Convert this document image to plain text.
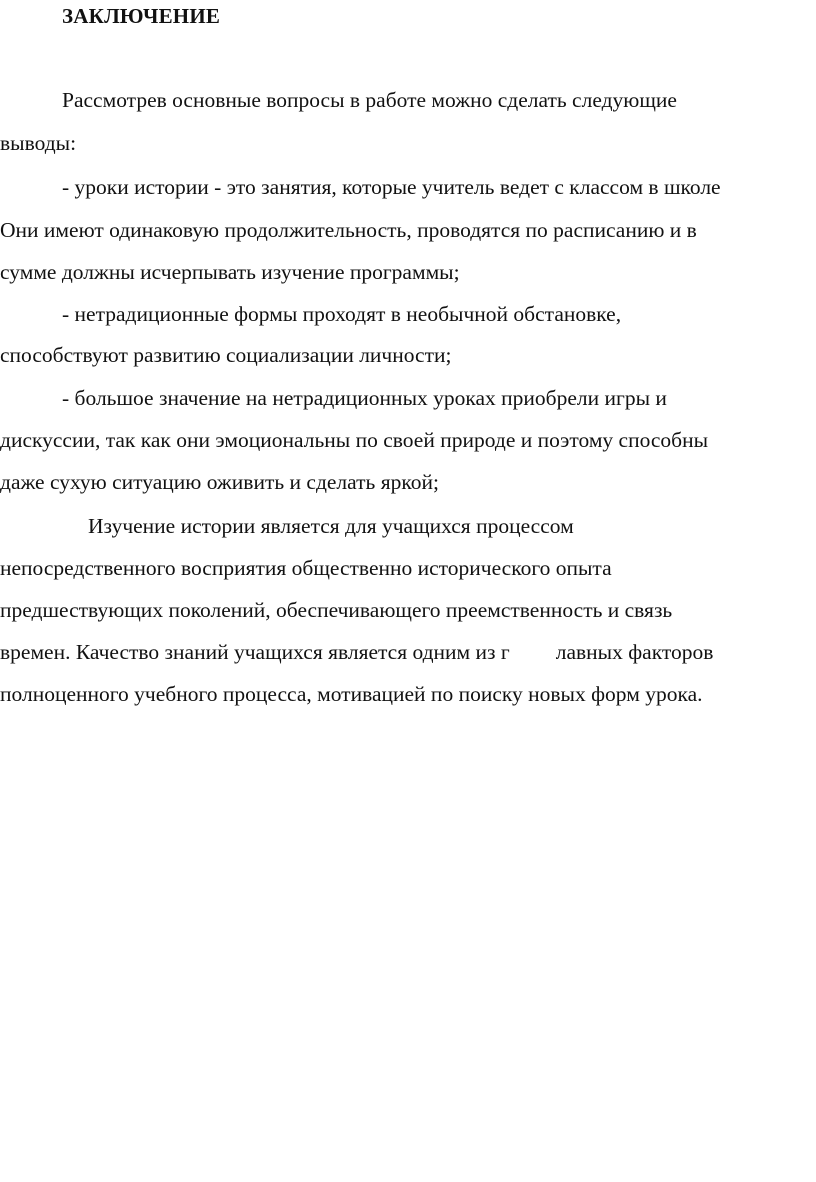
ЗАКЛЮЧЕНИЕ
Рассмотрев основные вопросы в работе можно сделать следующие
выводы:
- уроки истории - это занятия, которые учитель ведет с классом в школе
Они имеют одинаковую продолжительность, проводятся по расписанию и в
сумме должны исчерпывать изучение программы;
- нетрадиционные формы проходят в необычной обстановке,
способствуют развитию социализации личности;
- большое значение на нетрадиционных уроках приобрели игры и
дискуссии, так как они эмоциональны по своей природе и поэтому способны
даже сухую ситуацию оживить и сделать яркой;
Изучение истории является для учащихся процессом
непосредственного восприятия общественно исторического опыта
предшествующих поколений, обеспечивающего преемственность и связь
времен. Качество знаний учащихся является одним из г лавных факторов
полноценного учебного процесса, мотивацией по поиску новых форм урока.
